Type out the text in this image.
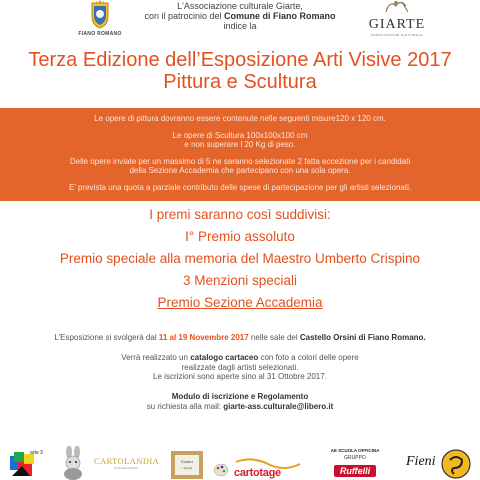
FIANO ROMANO
L'Associazione culturale Giarte,
con il patrocinio del Comune di Fiano Romano
indice la	GIARTE
ASSOCIAZIONE CULTURALE
Terza Edizione dell’Esposizione Arti Visive 2017
Pittura e Scultura

Le opere di pittura dovranno essere contenute nelle seguenti misure120 x 120 cm.

Le opere di Scultura 100x100x100 cm

e non superare l 20 Kg di peso.

Delle opere inviate per un massimo di 5 ne saranno selezionate 2 fatta eccezione per i candidati

della Sezione Accademia che partecipano con una sola opera.

E’ prevista una quota a parziale contributo delle spese di partecipazione per gli artisti selezionati.

I premi saranno così suddivisi:
I° Premio assoluto
Premio speciale alla memoria del Maestro Umberto Crispino
3 Menzioni speciali
Premio Sezione Accademia

L’Esposizione si svolgerà dal 11 al 19 Novembre 2017 nelle sale del Castello Orsini di Fiano Romano.

Verrà realizzato un catalogo cartaceo con foto a colori delle opere

realizzate dagli artisti selezionati.

Le iscrizioni sono aperte sino al 31 Ottobre 2017.

Modulo di iscrizione e Regolamento

su richiesta alla mail: giarte-ass.culturale@libero.it

arte 3
CARTOLANDIA
di Antonio Pedroli
Cornici
e Quadri	cartotage
AE SCUOLA OFFICINA
GRUPPO
Ruffelli
Fieni
